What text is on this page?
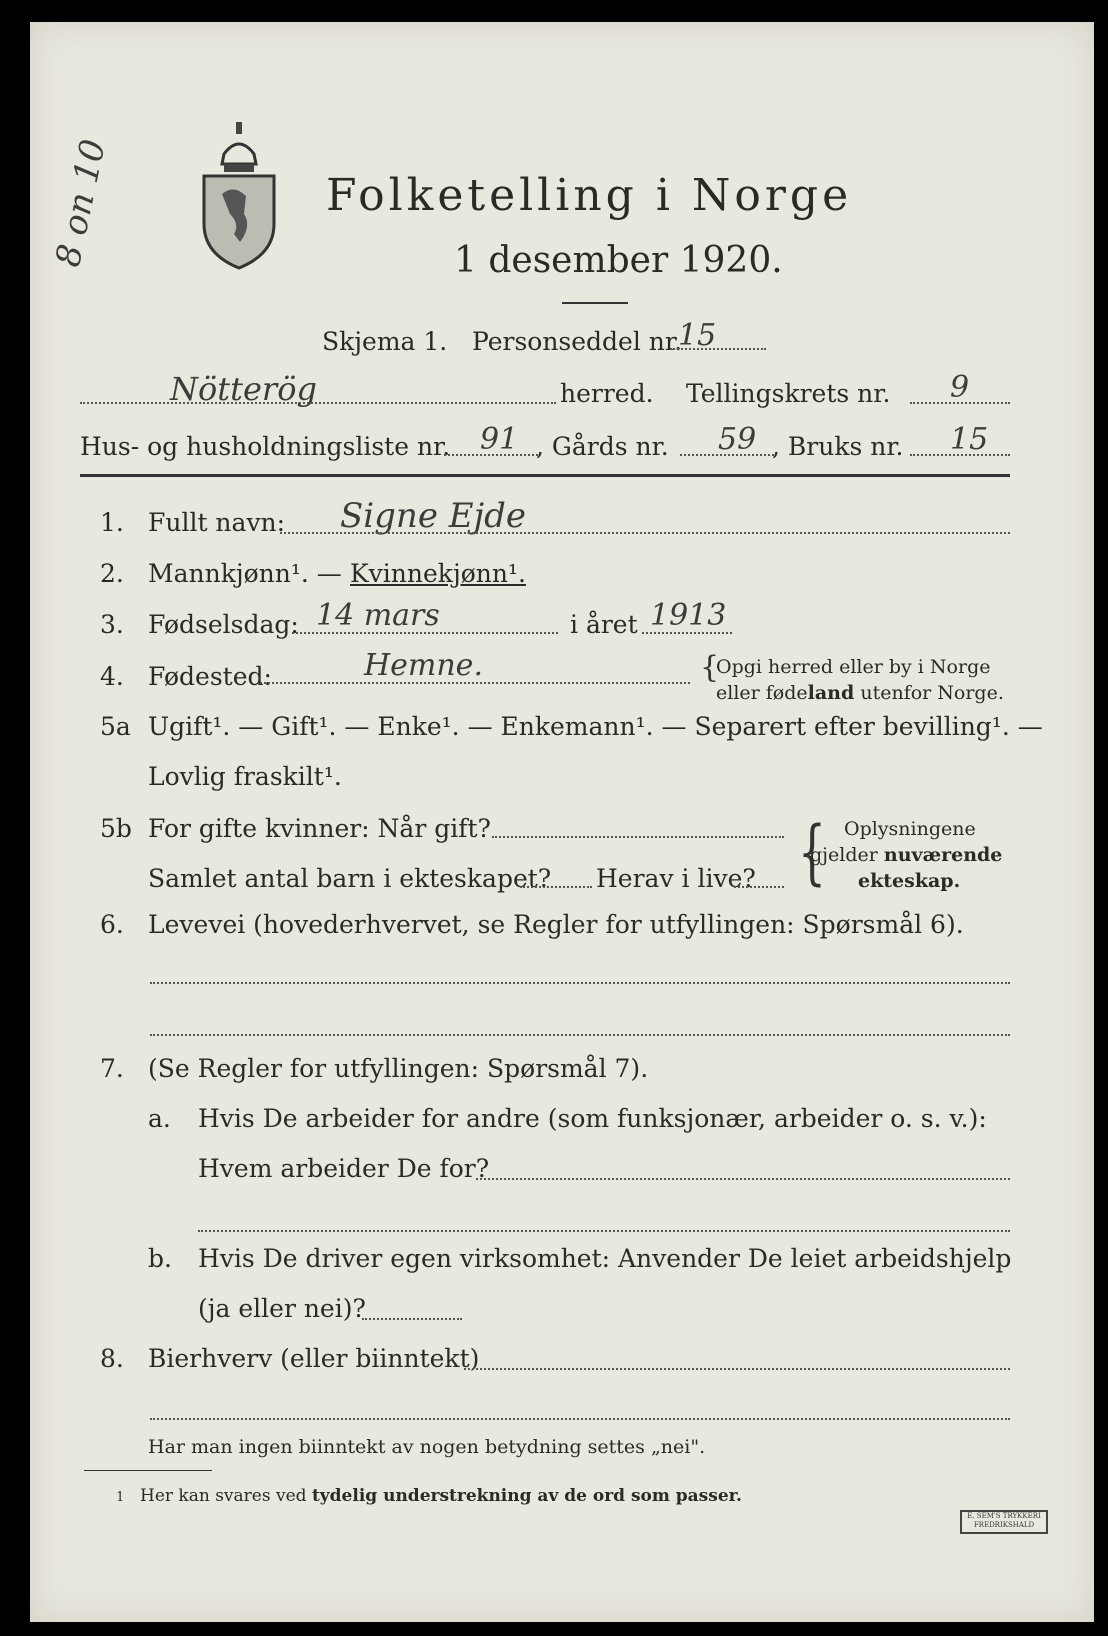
8 on 10	Folketelling i Norge
1 desember 1920.
Skjema 1. Personseddel nr.
15
Nötterög	herred. Tellingskrets nr. 9
Hus- og husholdningsliste nr. 91 , Gårds nr. 59 , Bruks nr. 15
1. Fullt navn: Signe Ejde
2. Mannkjønn¹. — Kvinnekjønn¹.
3. Fødselsdag: 14 mars	i året 1913
4. Fødested:	Hemne.	{
Opgi herred eller by i Norge
eller fødeland utenfor Norge.
5a Ugift¹. — Gift¹. — Enke¹. — Enkemann¹. — Separert efter bevilling¹. —
Lovlig fraskilt¹.
5b For gifte kvinner: Når gift?
Samlet antal barn i ekteskapet? Herav i live? { Oplysningene
gjelder nuværende
ekteskap.
6. Levevei (hovederhvervet, se Regler for utfyllingen: Spørsmål 6).
7. (Se Regler for utfyllingen: Spørsmål 7).
a. Hvis De arbeider for andre (som funksjonær, arbeider o. s. v.):
Hvem arbeider De for?
b. Hvis De driver egen virksomhet: Anvender De leiet arbeidshjelp
(ja eller nei)?
8. Bierhverv (eller biinntekt)
Har man ingen biinntekt av nogen betydning settes „nei".
1 Her kan svares ved tydelig understrekning av de ord som passer.
E. SEM'S TRYKKERI
FREDRIKSHALD
